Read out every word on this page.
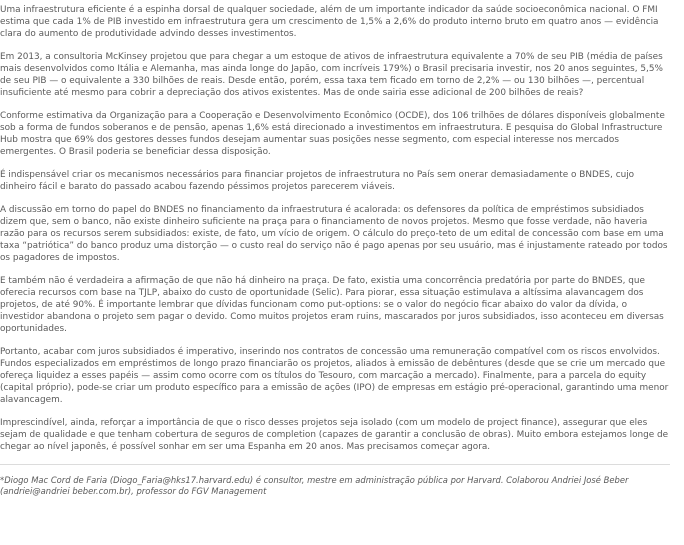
Uma infraestrutura eficiente é a espinha dorsal de qualquer sociedade, além de um importante indicador da saúde socioeconômica nacional. O FMI estima que cada 1% de PIB investido em infraestrutura gera um crescimento de 1,5% a 2,6% do produto interno bruto em quatro anos — evidência clara do aumento de produtividade advindo desses investimentos.

Em 2013, a consultoria McKinsey projetou que para chegar a um estoque de ativos de infraestrutura equivalente a 70% de seu PIB (média de países mais desenvolvidos como Itália e Alemanha, mas ainda longe do Japão, com incríveis 179%) o Brasil precisaria investir, nos 20 anos seguintes, 5,5% de seu PIB — o equivalente a 330 bilhões de reais. Desde então, porém, essa taxa tem ficado em torno de 2,2% — ou 130 bilhões —, percentual insuficiente até mesmo para cobrir a depreciação dos ativos existentes. Mas de onde sairia esse adicional de 200 bilhões de reais?

Conforme estimativa da Organização para a Cooperação e Desenvolvimento Econômico (OCDE), dos 106 trilhões de dólares disponíveis globalmente sob a forma de fundos soberanos e de pensão, apenas 1,6% está direcionado a investimentos em infraestrutura. E pesquisa do Global Infrastructure Hub mostra que 69% dos gestores desses fundos desejam aumentar suas posições nesse segmento, com especial interesse nos mercados emergentes. O Brasil poderia se beneficiar dessa disposição.

É indispensável criar os mecanismos necessários para financiar projetos de infraestrutura no País sem onerar demasiadamente o BNDES, cujo dinheiro fácil e barato do passado acabou fazendo péssimos projetos parecerem viáveis.

A discussão em torno do papel do BNDES no financiamento da infraestrutura é acalorada: os defensores da política de empréstimos subsidiados dizem que, sem o banco, não existe dinheiro suficiente na praça para o financiamento de novos projetos. Mesmo que fosse verdade, não haveria razão para os recursos serem subsidiados: existe, de fato, um vício de origem. O cálculo do preço-teto de um edital de concessão com base em uma taxa “patriótica” do banco produz uma distorção — o custo real do serviço não é pago apenas por seu usuário, mas é injustamente rateado por todos os pagadores de impostos.

E também não é verdadeira a afirmação de que não há dinheiro na praça. De fato, existia uma concorrência predatória por parte do BNDES, que oferecia recursos com base na TJLP, abaixo do custo de oportunidade (Selic). Para piorar, essa situação estimulava a altíssima alavancagem dos projetos, de até 90%. É importante lembrar que dívidas funcionam como put-options: se o valor do negócio ficar abaixo do valor da dívida, o investidor abandona o projeto sem pagar o devido. Como muitos projetos eram ruins, mascarados por juros subsidiados, isso aconteceu em diversas oportunidades.

Portanto, acabar com juros subsidiados é imperativo, inserindo nos contratos de concessão uma remuneração compatível com os riscos envolvidos. Fundos especializados em empréstimos de longo prazo financiarão os projetos, aliados à emissão de debêntures (desde que se crie um mercado que ofereça liquidez a esses papéis — assim como ocorre com os títulos do Tesouro, com marcação a mercado). Finalmente, para a parcela do equity (capital próprio), pode-se criar um produto específico para a emissão de ações (IPO) de empresas em estágio pré-operacional, garantindo uma menor alavancagem.

Imprescindível, ainda, reforçar a importância de que o risco desses projetos seja isolado (com um modelo de project finance), assegurar que eles sejam de qualidade e que tenham cobertura de seguros de completion (capazes de garantir a conclusão de obras). Muito embora estejamos longe de chegar ao nível japonês, é possível sonhar em ser uma Espanha em 20 anos. Mas precisamos começar agora.

*Diogo Mac Cord de Faria (Diogo_Faria@hks17.harvard.edu) é consultor, mestre em administração pública por Harvard. Colaborou Andriei José Beber (andriei@andriei beber.com.br), professor do FGV Management
